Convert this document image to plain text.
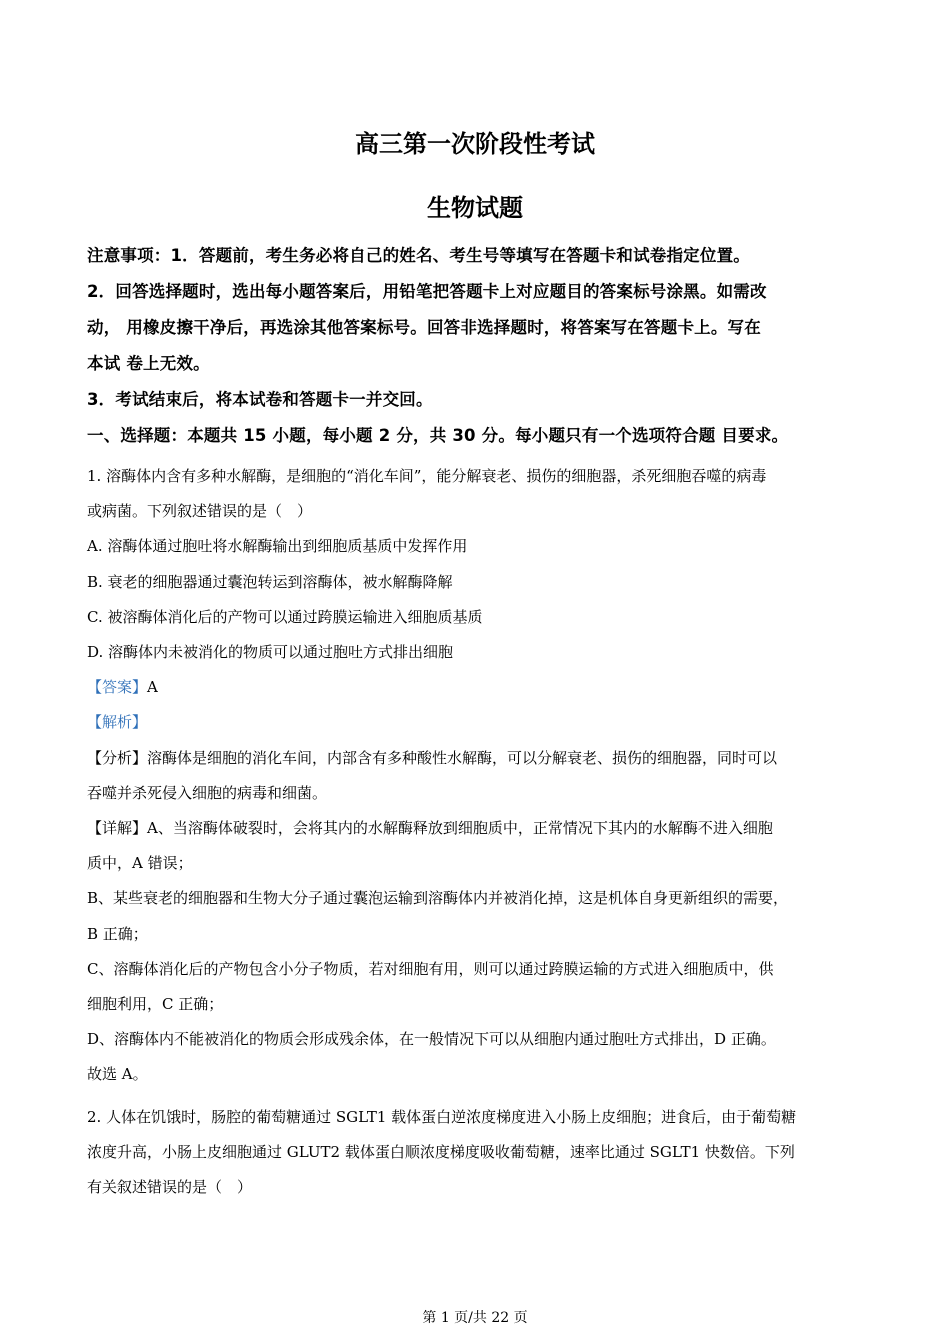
高三第一次阶段性考试
生物试题
注意事项：1．答题前，考生务必将自己的姓名、考生号等填写在答题卡和试卷指定位置。
2．回答选择题时，选出每小题答案后，用铅笔把答题卡上对应题目的答案标号涂黑。如需改
动， 用橡皮擦干净后，再选涂其他答案标号。回答非选择题时，将答案写在答题卡上。写在
本试 卷上无效。
3．考试结束后，将本试卷和答题卡一并交回。
一、选择题：本题共 15 小题，每小题 2 分，共 30 分。每小题只有一个选项符合题 目要求。
1. 溶酶体内含有多种水解酶，是细胞的“消化车间”，能分解衰老、损伤的细胞器，杀死细胞吞噬的病毒
或病菌。下列叙述错误的是（　）
A. 溶酶体通过胞吐将水解酶输出到细胞质基质中发挥作用
B. 衰老的细胞器通过囊泡转运到溶酶体，被水解酶降解
C. 被溶酶体消化后的产物可以通过跨膜运输进入细胞质基质
D. 溶酶体内未被消化的物质可以通过胞吐方式排出细胞
【答案】A
【解析】
【分析】溶酶体是细胞的消化车间，内部含有多种酸性水解酶，可以分解衰老、损伤的细胞器，同时可以
吞噬并杀死侵入细胞的病毒和细菌。
【详解】A、当溶酶体破裂时，会将其内的水解酶释放到细胞质中，正常情况下其内的水解酶不进入细胞
质中，A 错误；
B、某些衰老的细胞器和生物大分子通过囊泡运输到溶酶体内并被消化掉，这是机体自身更新组织的需要，
B 正确；
C、溶酶体消化后的产物包含小分子物质，若对细胞有用，则可以通过跨膜运输的方式进入细胞质中，供
细胞利用，C 正确；
D、溶酶体内不能被消化的物质会形成残余体，在一般情况下可以从细胞内通过胞吐方式排出，D 正确。
故选 A。
2. 人体在饥饿时，肠腔的葡萄糖通过 SGLT1 载体蛋白逆浓度梯度进入小肠上皮细胞；进食后，由于葡萄糖
浓度升高，小肠上皮细胞通过 GLUT2 载体蛋白顺浓度梯度吸收葡萄糖，速率比通过 SGLT1 快数倍。下列
有关叙述错误的是（　）
第 1 页/共 22 页
